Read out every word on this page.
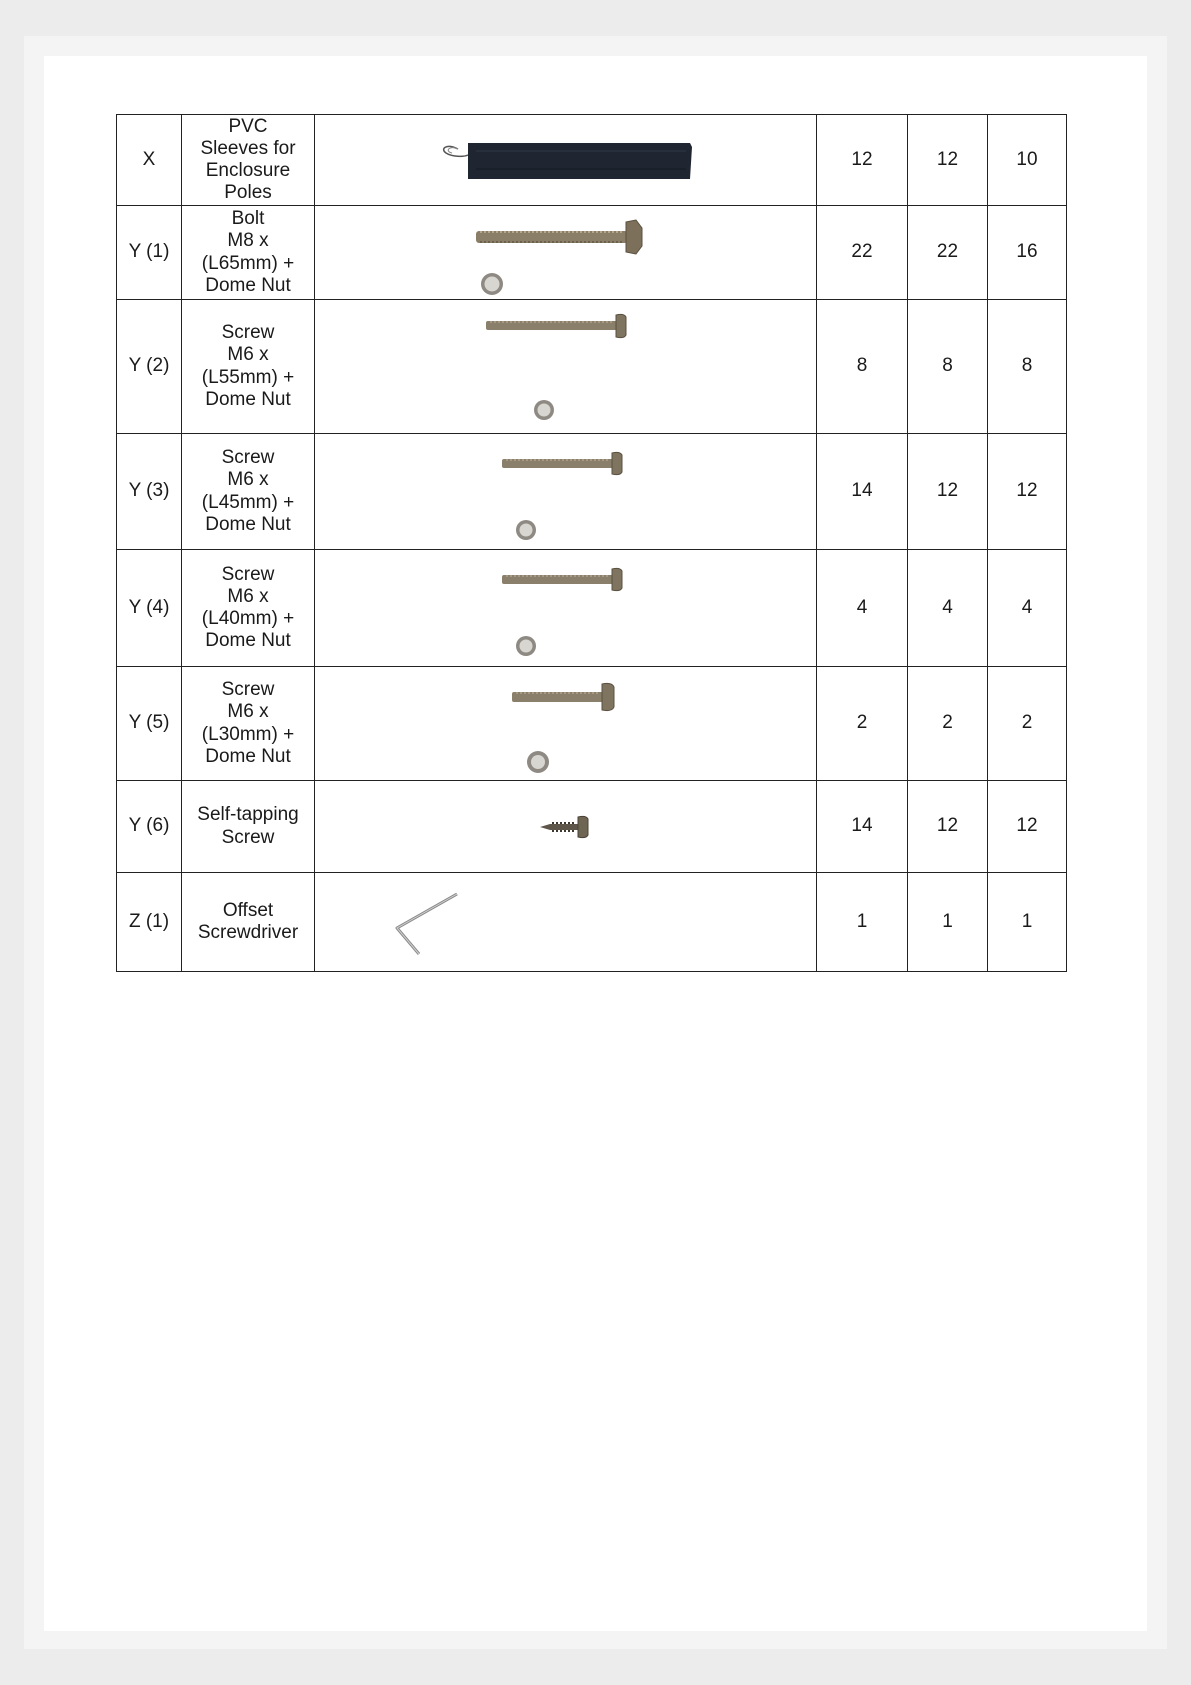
X	PVC
Sleeves for
Enclosure
Poles		12	12	10
Y (1)	Bolt
M8 x
(L65mm) +
Dome Nut		22	22	16
Y (2)	Screw
M6 x
(L55mm) +
Dome Nut		8	8	8
Y (3)	Screw
M6 x
(L45mm) +
Dome Nut		14	12	12
Y (4)	Screw
M6 x
(L40mm) +
Dome Nut		4	4	4
Y (5)	Screw
M6 x
(L30mm) +
Dome Nut		2	2	2
Y (6)	Self-tapping
Screw		14	12	12
Z (1)	Offset
Screwdriver		1	1	1
